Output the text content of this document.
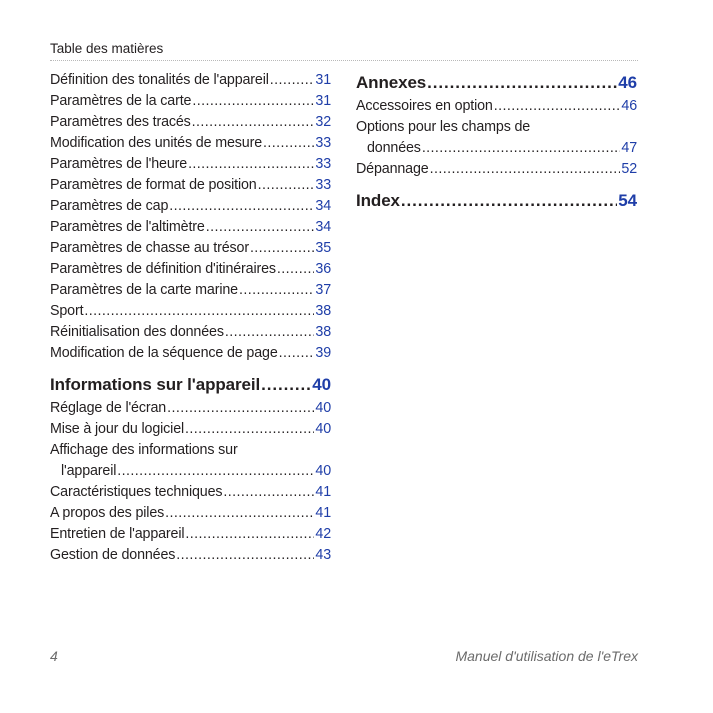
Table des matières
Définition des tonalités de l'appareil .....	31
Paramètres de la carte .....	31
Paramètres des tracés .....	32
Modification des unités de mesure .....	33
Paramètres de l'heure .....	33
Paramètres de format de position .....	33
Paramètres de cap .....	34
Paramètres de l'altimètre .....	34
Paramètres de chasse au trésor .....	35
Paramètres de définition d'itinéraires .....	36
Paramètres de la carte marine .....	37
Sport .....	38
Réinitialisation des données .....	38
Modification de la séquence de page .....	39
Informations sur l'appareil .....	40
Réglage de l'écran .....	40
Mise à jour du logiciel .....	40
Affichage des informations sur
l'appareil .....	40
Caractéristiques techniques .....	41
A propos des piles .....	41
Entretien de l'appareil .....	42
Gestion de données .....	43
Annexes .....	46
Accessoires en option .....	46
Options pour les champs de
données .....	47
Dépannage .....	52
Index .....	54
4	Manuel d'utilisation de l'eTrex
